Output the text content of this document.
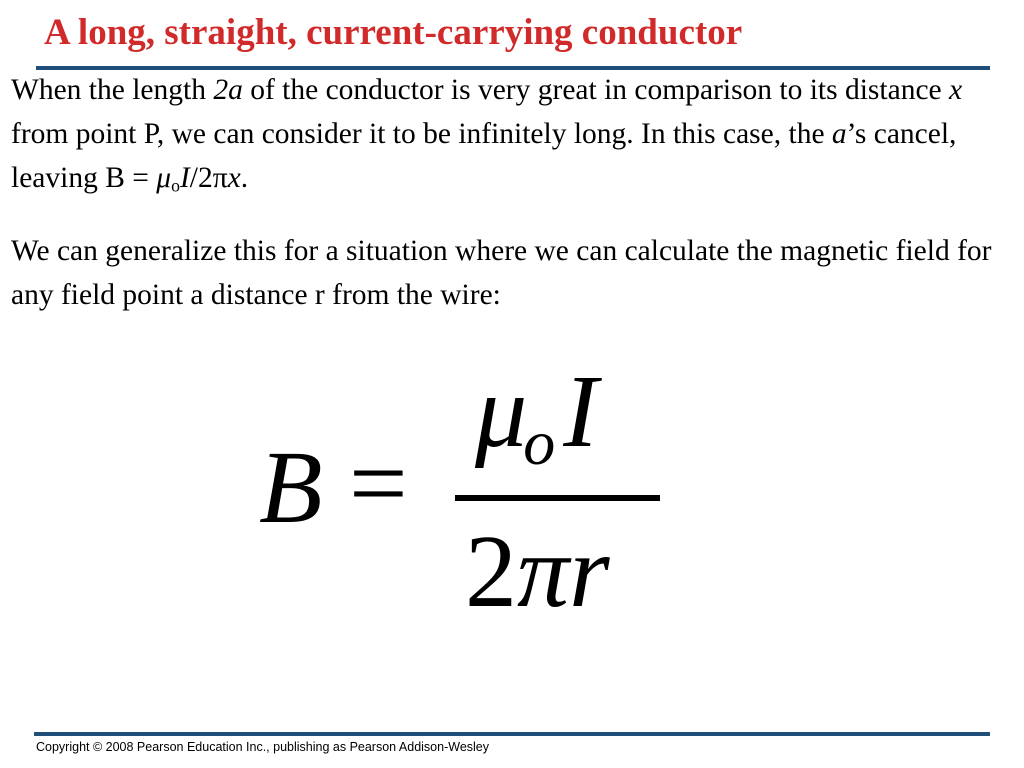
A long, straight, current-carrying conductor

When the length 2a of the conductor is very great in comparison to its distance x from point P, we can consider it to be infinitely long. In this case, the a’s cancel, leaving $B = \mu_oI/2\pi x$.

We can generalize this for a situation where we can calculate the magnetic field for any field point a distance r from the wire:

B =
μoI
2πr
Copyright © 2008 Pearson Education Inc., publishing as Pearson Addison-Wesley
